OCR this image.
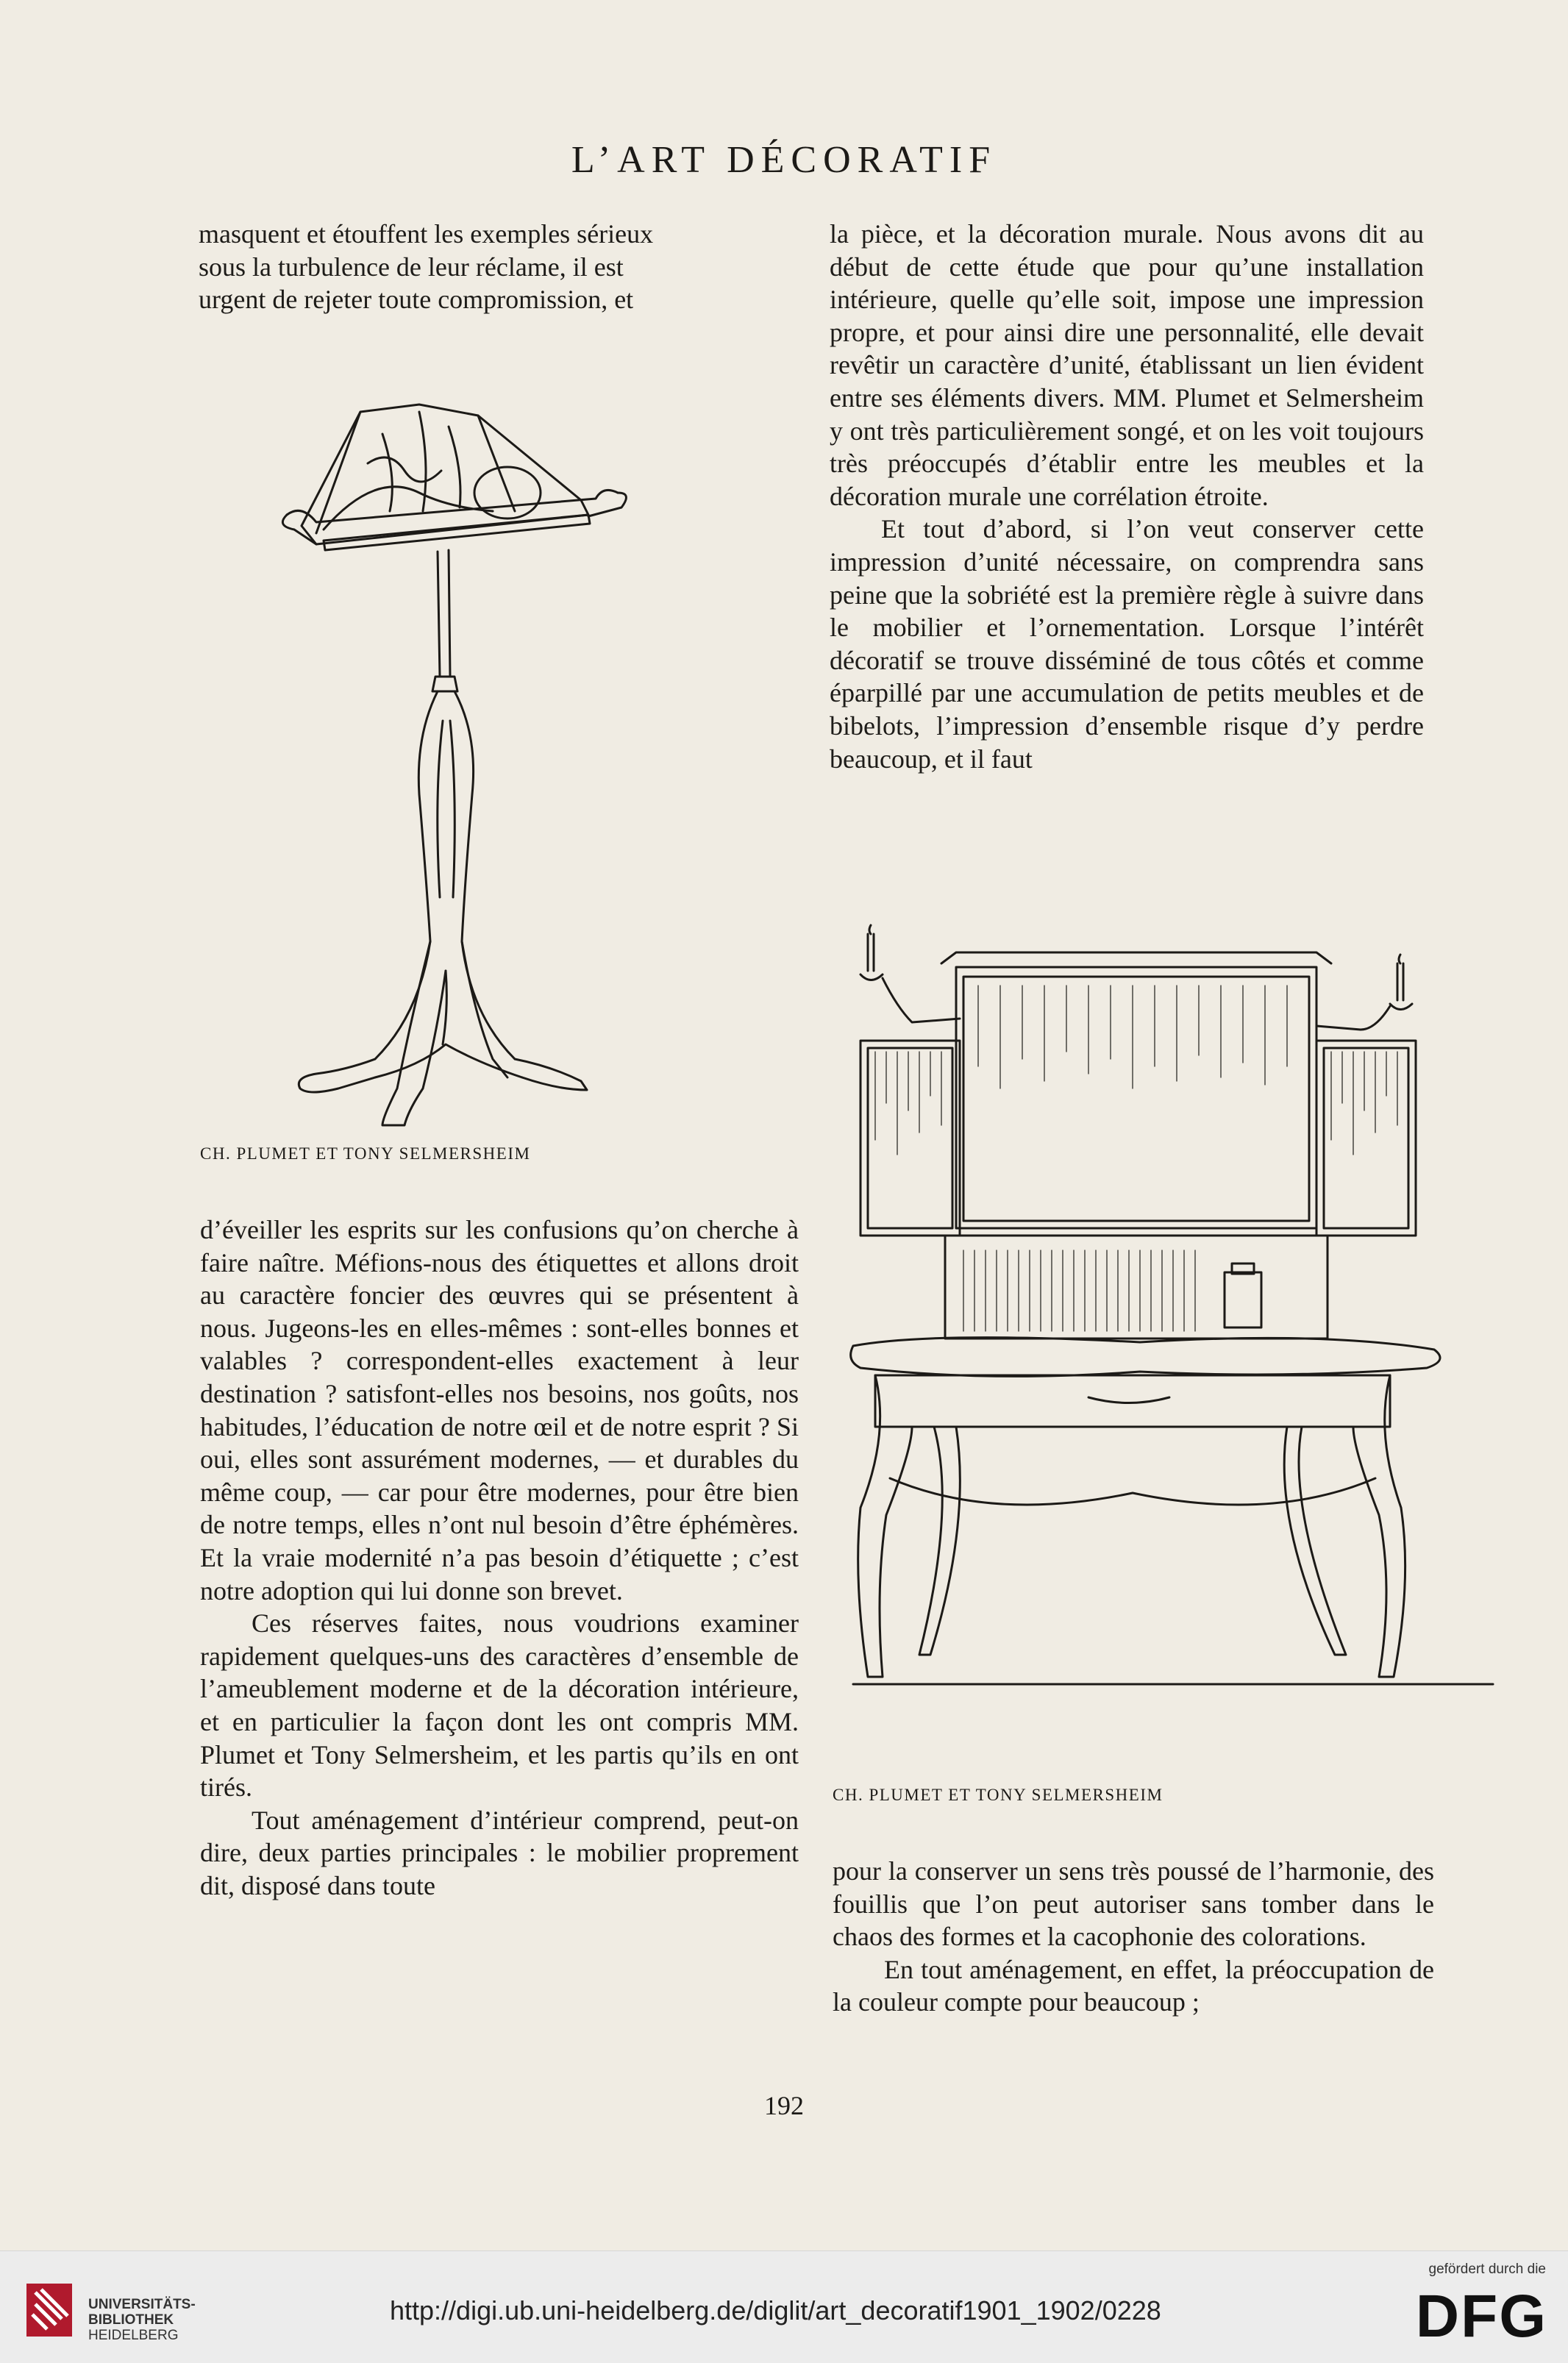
L’ART DÉCORATIF

masquent et étouffent les exemples sérieux

sous la turbulence de leur réclame, il est

urgent de rejeter toute compromission, et

la pièce, et la décoration murale. Nous avons dit au début de cette étude que pour qu’une installation intérieure, quelle qu’elle soit, impose une impression propre, et pour ainsi dire une personnalité, elle devait revêtir un caractère d’unité, établissant un lien évident entre ses éléments divers. MM. Plumet et Selmersheim y ont très particulièrement songé, et on les voit toujours très préoccupés d’établir entre les meubles et la décoration murale une corrélation étroite.

Et tout d’abord, si l’on veut conserver cette impression d’unité nécessaire, on comprendra sans peine que la sobriété est la première règle à suivre dans le mobilier et l’ornementation. Lorsque l’intérêt décoratif se trouve disséminé de tous côtés et comme éparpillé par une accumulation de petits meubles et de bibelots, l’impression d’ensemble risque d’y perdre beaucoup, et il faut

CH. PLUMET ET TONY SELMERSHEIM
CH. PLUMET ET TONY SELMERSHEIM

d’éveiller les esprits sur les confusions qu’on cherche à faire naître. Méfions-nous des étiquettes et allons droit au caractère foncier des œuvres qui se présentent à nous. Jugeons-les en elles-mêmes : sont-elles bonnes et valables ? correspondent-elles exactement à leur destination ? satisfont-elles nos besoins, nos goûts, nos habitudes, l’éducation de notre œil et de notre esprit ? Si oui, elles sont assurément modernes, — et durables du même coup, — car pour être modernes, pour être bien de notre temps, elles n’ont nul besoin d’être éphémères. Et la vraie modernité n’a pas besoin d’étiquette ; c’est notre adoption qui lui donne son brevet.

Ces réserves faites, nous voudrions examiner rapidement quelques-uns des caractères d’ensemble de l’ameublement moderne et de la décoration intérieure, et en particulier la façon dont les ont compris MM. Plumet et Tony Selmersheim, et les partis qu’ils en ont tirés.

Tout aménagement d’intérieur comprend, peut-on dire, deux parties principales : le mobilier proprement dit, disposé dans toute	pour la conserver un sens très poussé de l’harmonie, des fouillis que l’on peut autoriser sans tomber dans le chaos des formes et la cacophonie des colorations.

En tout aménagement, en effet, la préoccupation de la couleur compte pour beaucoup ;

192
UNIVERSITÄTS-
BIBLIOTHEK
HEIDELBERG
http://digi.ub.uni-heidelberg.de/diglit/art_decoratif1901_1902/0228
gefördert durch die
DFG
